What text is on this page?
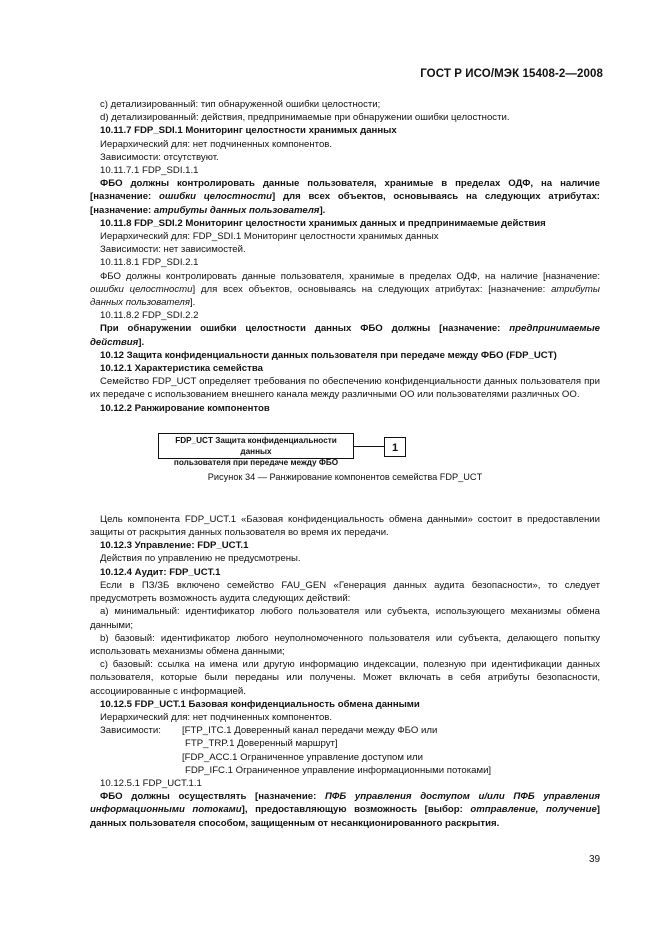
ГОСТ Р ИСО/МЭК 15408-2—2008

c) детализированный: тип обнаруженной ошибки целостности;

d) детализированный: действия, предпринимаемые при обнаружении ошибки целостности.

10.11.7 FDP_SDI.1 Мониторинг целостности хранимых данных

Иерархический для: нет подчиненных компонентов.

Зависимости: отсутствуют.

10.11.7.1 FDP_SDI.1.1

ФБО должны контролировать данные пользователя, хранимые в пределах ОДФ, на наличие [назначение: ошибки целостности] для всех объектов, основываясь на следующих атрибутах: [назначение: атрибуты данных пользователя].

10.11.8 FDP_SDI.2 Мониторинг целостности хранимых данных и предпринимаемые действия

Иерархический для: FDP_SDI.1 Мониторинг целостности хранимых данных

Зависимости: нет зависимостей.

10.11.8.1 FDP_SDI.2.1

ФБО должны контролировать данные пользователя, хранимые в пределах ОДФ, на наличие [назначение: ошибки целостности] для всех объектов, основываясь на следующих атрибутах: [назначение: атрибуты данных пользователя].

10.11.8.2 FDP_SDI.2.2

При обнаружении ошибки целостности данных ФБО должны [назначение: предпринимаемые действия].

10.12 Защита конфиденциальности данных пользователя при передаче между ФБО (FDP_UCT)

10.12.1 Характеристика семейства

Семейство FDP_UCT определяет требования по обеспечению конфиденциальности данных пользователя при их передаче с использованием внешнего канала между различными ОО или пользователями различных ОО.

10.12.2 Ранжирование компонентов

FDP_UCT Защита конфиденциальности данных
пользователя при передаче между ФБО
1
Рисунок 34 — Ранжирование компонентов семейства FDP_UCT

Цель компонента FDP_UCT.1 «Базовая конфиденциальность обмена данными» состоит в предоставлении защиты от раскрытия данных пользователя во время их передачи.

10.12.3 Управление: FDP_UCT.1

Действия по управлению не предусмотрены.

10.12.4 Аудит: FDP_UCT.1

Если в ПЗ/ЗБ включено семейство FAU_GEN «Генерация данных аудита безопасности», то следует предусмотреть возможность аудита следующих действий:

а) минимальный: идентификатор любого пользователя или субъекта, использующего механизмы обмена данными;

b) базовый: идентификатор любого неуполномоченного пользователя или субъекта, делающего попытку использовать механизмы обмена данными;

с) базовый: ссылка на имена или другую информацию индексации, полезную при идентификации данных пользователя, которые были переданы или получены. Может включать в себя атрибуты безопасности, ассоциированные с информацией.

10.12.5 FDP_UCT.1 Базовая конфиденциальность обмена данными

Иерархический для: нет подчиненных компонентов.

Зависимости:	[FTP_ITC.1 Доверенный канал передачи между ФБО или

FTP_TRP.1 Доверенный маршрут]

[FDP_ACC.1 Ограниченное управление доступом или

FDP_IFC.1 Ограниченное управление информационными потоками]

10.12.5.1 FDP_UCT.1.1

ФБО должны осуществлять [назначение: ПФБ управления доступом и/или ПФБ управления информационными потоками], предоставляющую возможность [выбор: отправление, получение] данных пользователя способом, защищенным от несанкционированного раскрытия.

39
